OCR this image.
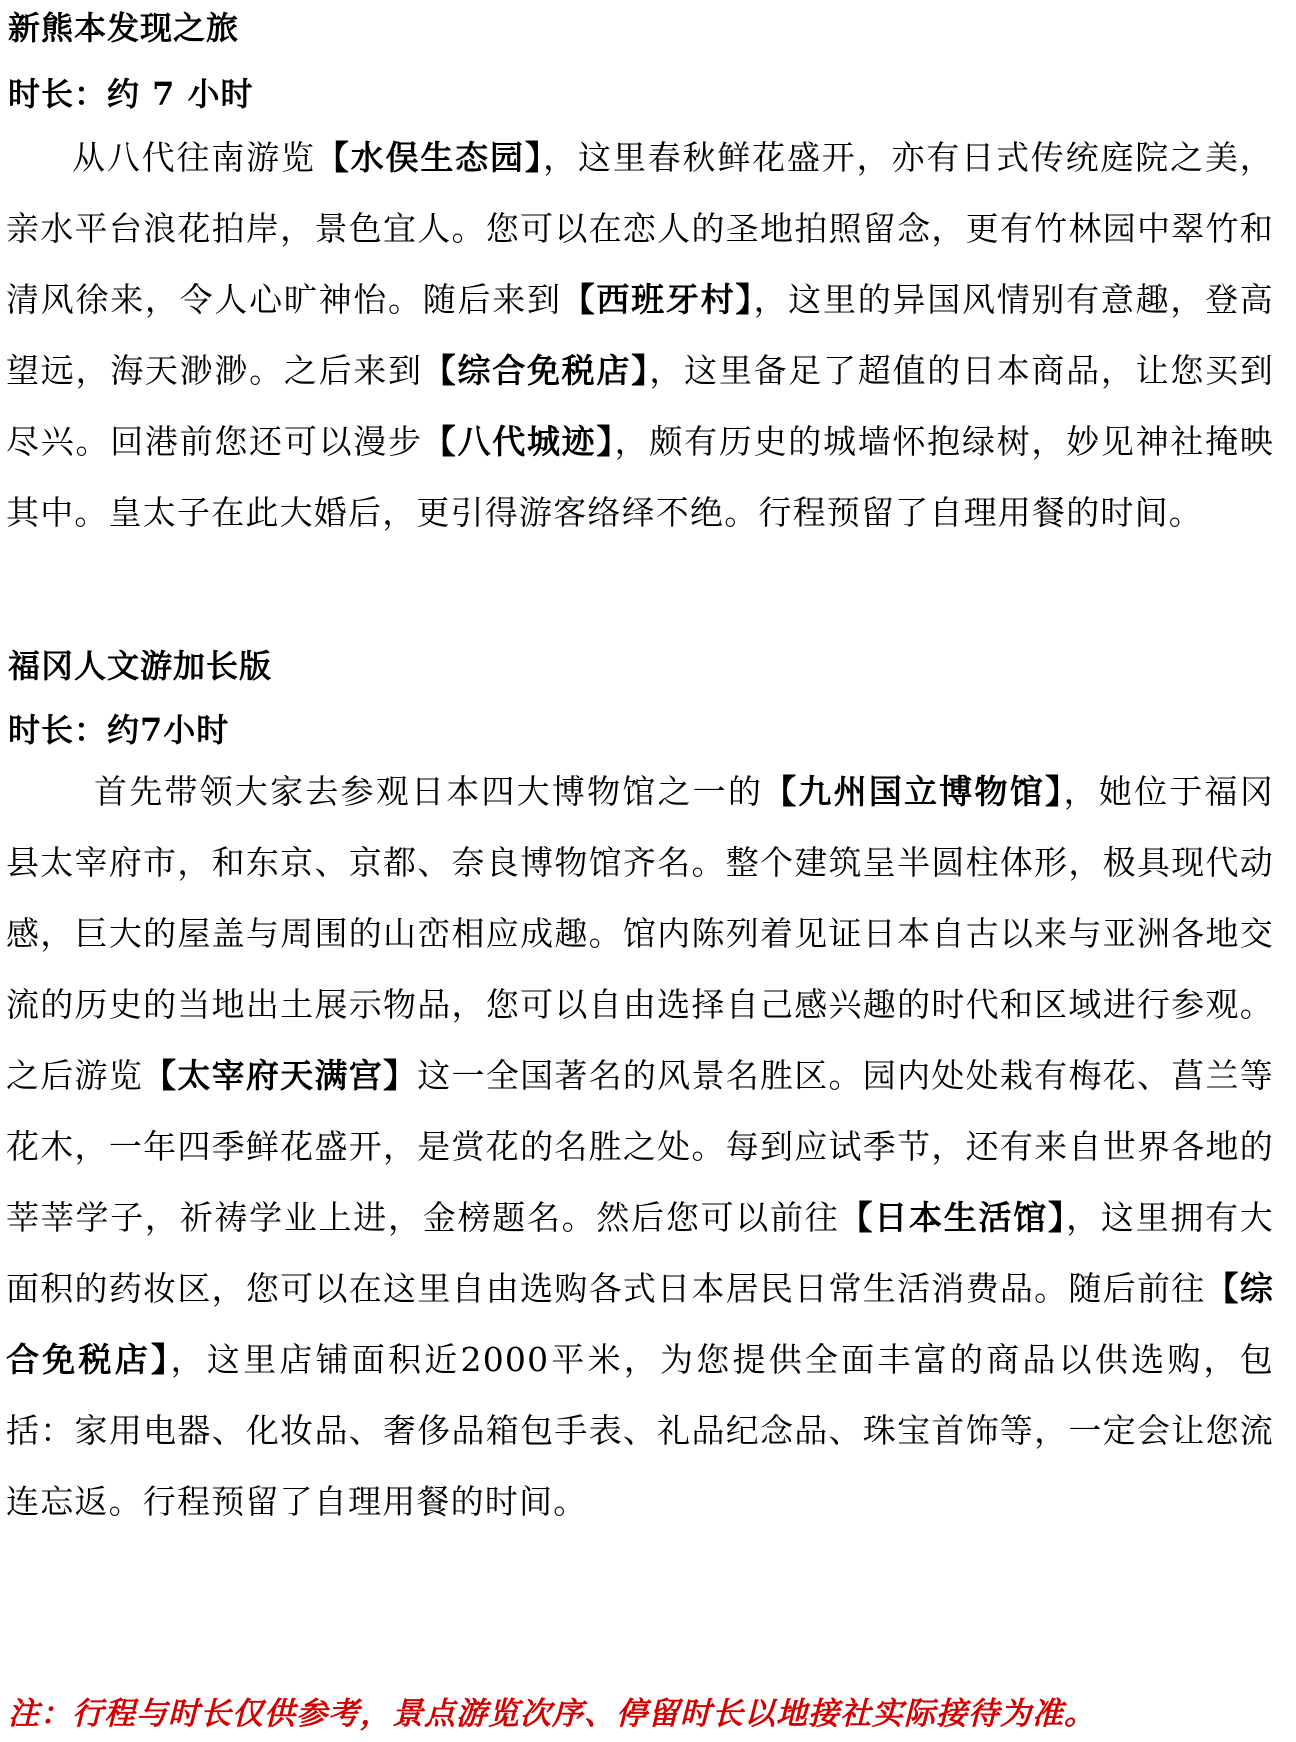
新熊本发现之旅
时长：约 7 小时
从八代往南游览【水俣生态园】，这里春秋鲜花盛开，亦有日式传统庭院之美，亲水平台浪花拍岸，景色宜人。您可以在恋人的圣地拍照留念，更有竹林园中翠竹和清风徐来，令人心旷神怡。随后来到【西班牙村】，这里的异国风情别有意趣，登高望远，海天渺渺。之后来到【综合免税店】，这里备足了超值的日本商品，让您买到尽兴。回港前您还可以漫步【八代城迹】，颇有历史的城墙怀抱绿树，妙见神社掩映其中。皇太子在此大婚后，更引得游客络绎不绝。行程预留了自理用餐的时间。
福冈人文游加长版
时长：约7小时
首先带领大家去参观日本四大博物馆之一的【九州国立博物馆】，她位于福冈县太宰府市，和东京、京都、奈良博物馆齐名。整个建筑呈半圆柱体形，极具现代动感，巨大的屋盖与周围的山峦相应成趣。馆内陈列着见证日本自古以来与亚洲各地交流的历史的当地出土展示物品，您可以自由选择自己感兴趣的时代和区域进行参观。之后游览【太宰府天满宫】这一全国著名的风景名胜区。园内处处栽有梅花、菖兰等花木，一年四季鲜花盛开，是赏花的名胜之处。每到应试季节，还有来自世界各地的莘莘学子，祈祷学业上进，金榜题名。然后您可以前往【日本生活馆】，这里拥有大面积的药妆区，您可以在这里自由选购各式日本居民日常生活消费品。随后前往【综合免税店】，这里店铺面积近2000平米，为您提供全面丰富的商品以供选购，包括：家用电器、化妆品、奢侈品箱包手表、礼品纪念品、珠宝首饰等，一定会让您流连忘返。行程预留了自理用餐的时间。
注：行程与时长仅供参考，景点游览次序、停留时长以地接社实际接待为准。
